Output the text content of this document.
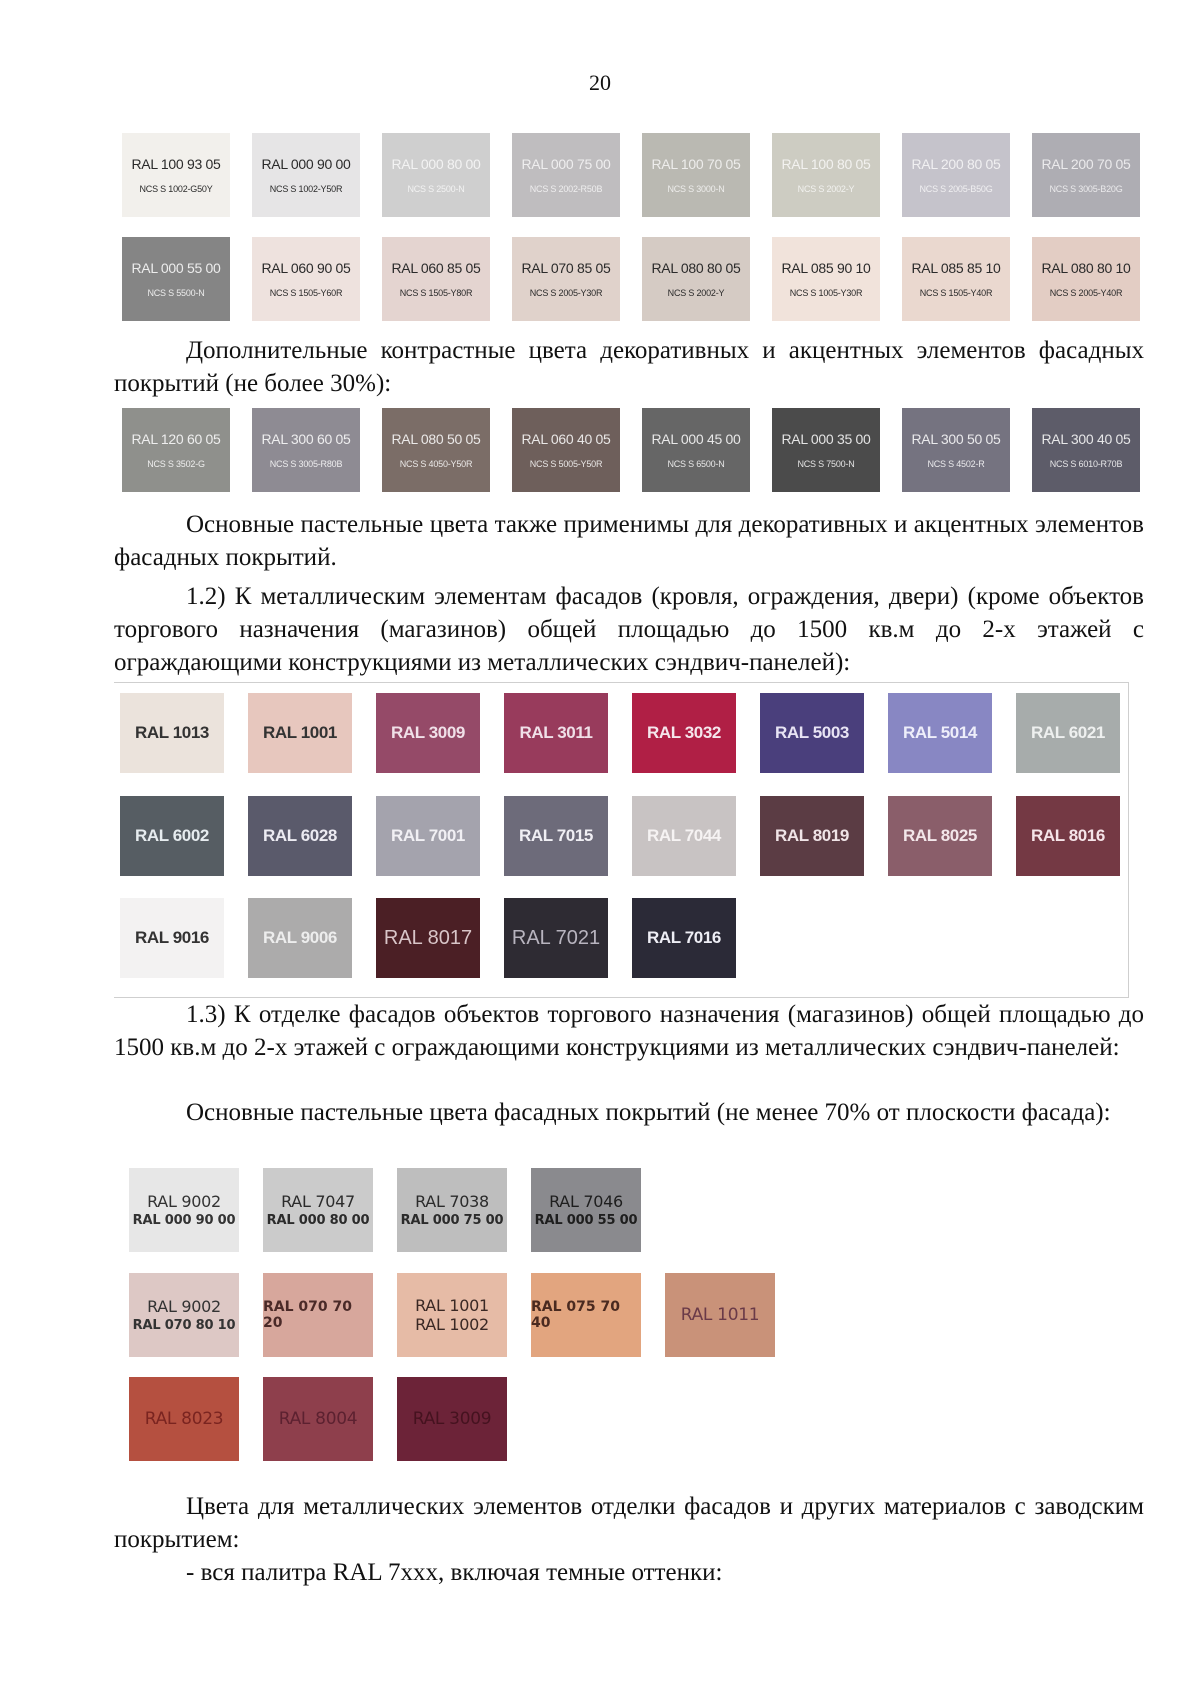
20
RAL 100 93 05
NCS S 1002-G50Y
RAL 000 90 00
NCS S 1002-Y50R
RAL 000 80 00
NCS S 2500-N
RAL 000 75 00
NCS S 2002-R50B
RAL 100 70 05
NCS S 3000-N
RAL 100 80 05
NCS S 2002-Y
RAL 200 80 05
NCS S 2005-B50G
RAL 200 70 05
NCS S 3005-B20G
RAL 000 55 00
NCS S 5500-N
RAL 060 90 05
NCS S 1505-Y60R
RAL 060 85 05
NCS S 1505-Y80R
RAL 070 85 05
NCS S 2005-Y30R
RAL 080 80 05
NCS S 2002-Y
RAL 085 90 10
NCS S 1005-Y30R
RAL 085 85 10
NCS S 1505-Y40R
RAL 080 80 10
NCS S 2005-Y40R
Дополнительные контрастные цвета декоративных и акцентных элементов фасадных покрытий (не более 30%):
RAL 120 60 05
NCS S 3502-G
RAL 300 60 05
NCS S 3005-R80B
RAL 080 50 05
NCS S 4050-Y50R
RAL 060 40 05
NCS S 5005-Y50R
RAL 000 45 00
NCS S 6500-N
RAL 000 35 00
NCS S 7500-N
RAL 300 50 05
NCS S 4502-R
RAL 300 40 05
NCS S 6010-R70B
Основные пастельные цвета также применимы для декоративных и акцентных элементов фасадных покрытий.
1.2) К металлическим элементам фасадов (кровля, ограждения, двери) (кроме объектов торгового назначения (магазинов) общей площадью до 1500 кв.м до 2-х этажей с ограждающими конструкциями из металлических сэндвич-панелей):
RAL 1013	RAL 1001	RAL 3009	RAL 3011	RAL 3032	RAL 5003	RAL 5014	RAL 6021
RAL 6002	RAL 6028	RAL 7001	RAL 7015	RAL 7044	RAL 8019	RAL 8025	RAL 8016
RAL 9016	RAL 9006	RAL 8017	RAL 7021	RAL 7016
1.3) К отделке фасадов объектов торгового назначения (магазинов) общей площадью до 1500 кв.м до 2-х этажей с ограждающими конструкциями из металлических сэндвич-панелей:
Основные пастельные цвета фасадных покрытий (не менее 70% от плоскости фасада):
RAL 9002
RAL 000 90 00
RAL 7047
RAL 000 80 00
RAL 7038
RAL 000 75 00
RAL 7046
RAL 000 55 00
RAL 9002
RAL 070 80 10
RAL 070 70 20
RAL 1001
RAL 1002
RAL 075 70 40	RAL 1011
RAL 8023	RAL 8004	RAL 3009
Цвета для металлических элементов отделки фасадов и других материалов с заводским покрытием:
- вся палитра RAL 7ххх, включая темные оттенки:
